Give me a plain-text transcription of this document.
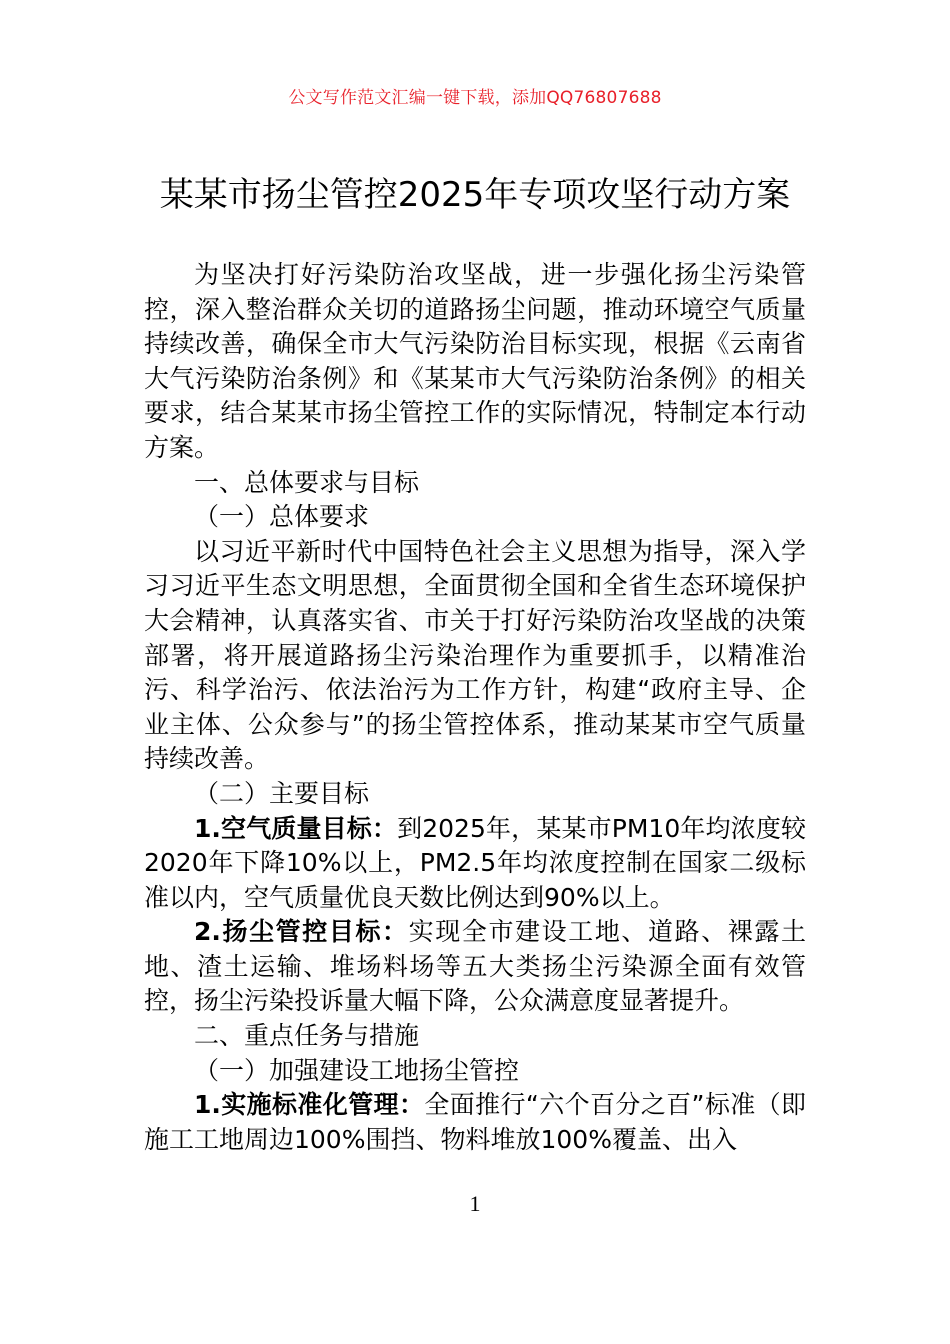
公文写作范文汇编一键下载，添加QQ76807688
某某市扬尘管控2025年专项攻坚行动方案

为坚决打好污染防治攻坚战，进一步强化扬尘污染管控，深入整治群众关切的道路扬尘问题，推动环境空气质量持续改善，确保全市大气污染防治目标实现，根据《云南省大气污染防治条例》和《某某市大气污染防治条例》的相关要求，结合某某市扬尘管控工作的实际情况，特制定本行动方案。

一、总体要求与目标

（一）总体要求

以习近平新时代中国特色社会主义思想为指导，深入学习习近平生态文明思想，全面贯彻全国和全省生态环境保护大会精神，认真落实省、市关于打好污染防治攻坚战的决策部署，将开展道路扬尘污染治理作为重要抓手，以精准治污、科学治污、依法治污为工作方针，构建“政府主导、企业主体、公众参与”的扬尘管控体系，推动某某市空气质量持续改善。

（二）主要目标

1.空气质量目标：到2025年，某某市PM10年均浓度较2020年下降10%以上，PM2.5年均浓度控制在国家二级标准以内，空气质量优良天数比例达到90%以上。

2.扬尘管控目标：实现全市建设工地、道路、裸露土地、渣土运输、堆场料场等五大类扬尘污染源全面有效管控，扬尘污染投诉量大幅下降，公众满意度显著提升。

二、重点任务与措施

（一）加强建设工地扬尘管控

1.实施标准化管理：全面推行“六个百分之百”标准（即施工工地周边100%围挡、物料堆放100%覆盖、出入

1
